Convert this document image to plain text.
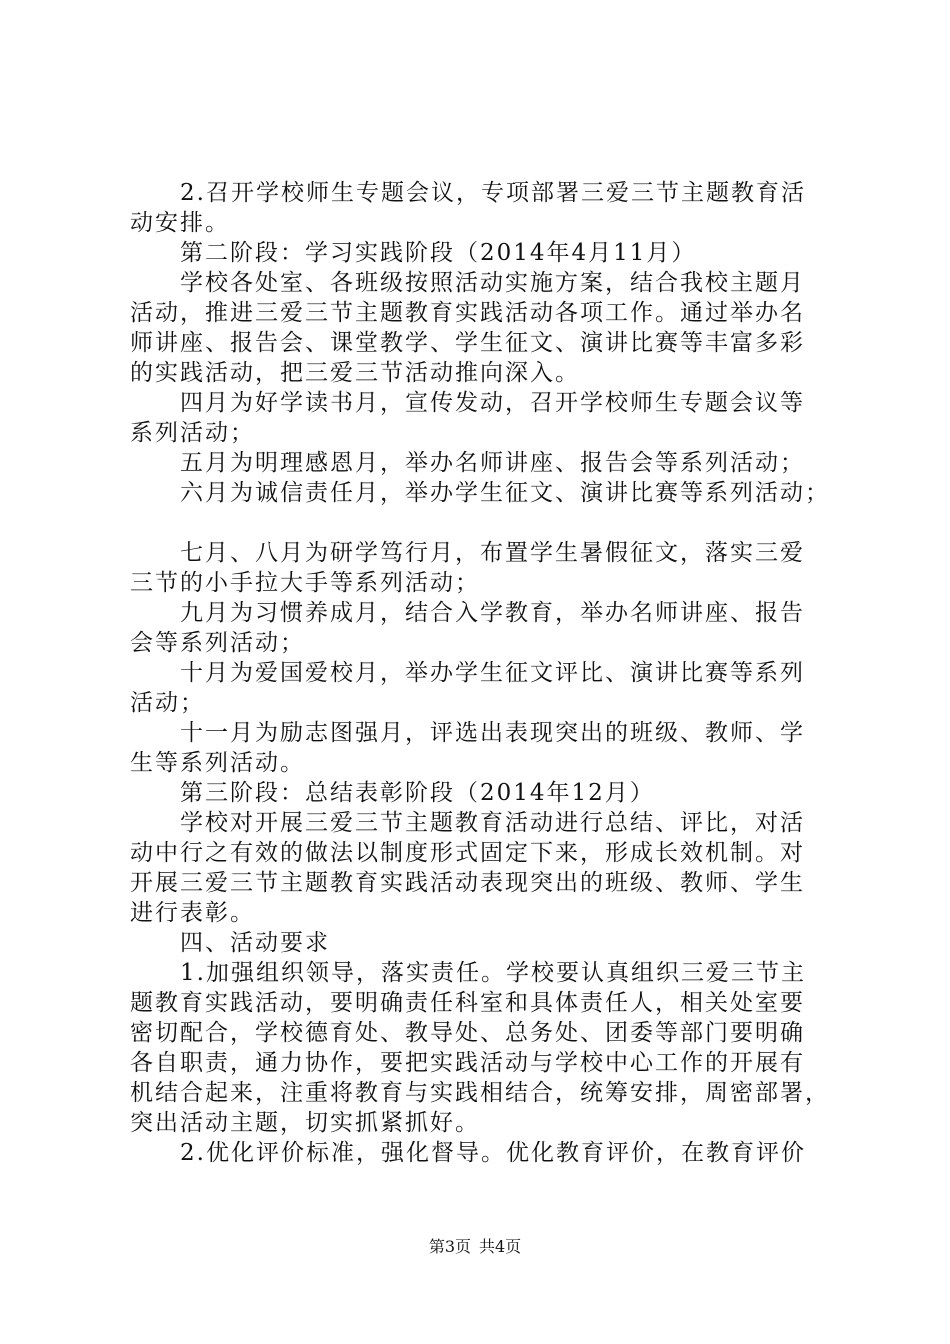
2.召开学校师生专题会议，专项部署三爱三节主题教育活
动安排。
第二阶段：学习实践阶段（2014年4月11月）
学校各处室、各班级按照活动实施方案，结合我校主题月
活动，推进三爱三节主题教育实践活动各项工作。通过举办名
师讲座、报告会、课堂教学、学生征文、演讲比赛等丰富多彩
的实践活动，把三爱三节活动推向深入。
四月为好学读书月，宣传发动，召开学校师生专题会议等
系列活动；
五月为明理感恩月，举办名师讲座、报告会等系列活动；
六月为诚信责任月，举办学生征文、演讲比赛等系列活动；
七月、八月为研学笃行月，布置学生暑假征文，落实三爱
三节的小手拉大手等系列活动；
九月为习惯养成月，结合入学教育，举办名师讲座、报告
会等系列活动；
十月为爱国爱校月，举办学生征文评比、演讲比赛等系列
活动；
十一月为励志图强月，评选出表现突出的班级、教师、学
生等系列活动。
第三阶段：总结表彰阶段（2014年12月）
学校对开展三爱三节主题教育活动进行总结、评比，对活
动中行之有效的做法以制度形式固定下来，形成长效机制。对
开展三爱三节主题教育实践活动表现突出的班级、教师、学生
进行表彰。
四、活动要求
1.加强组织领导，落实责任。学校要认真组织三爱三节主
题教育实践活动，要明确责任科室和具体责任人，相关处室要
密切配合，学校德育处、教导处、总务处、团委等部门要明确
各自职责，通力协作，要把实践活动与学校中心工作的开展有
机结合起来，注重将教育与实践相结合，统筹安排，周密部署，
突出活动主题，切实抓紧抓好。
2.优化评价标准，强化督导。优化教育评价，在教育评价
第3页 共4页
